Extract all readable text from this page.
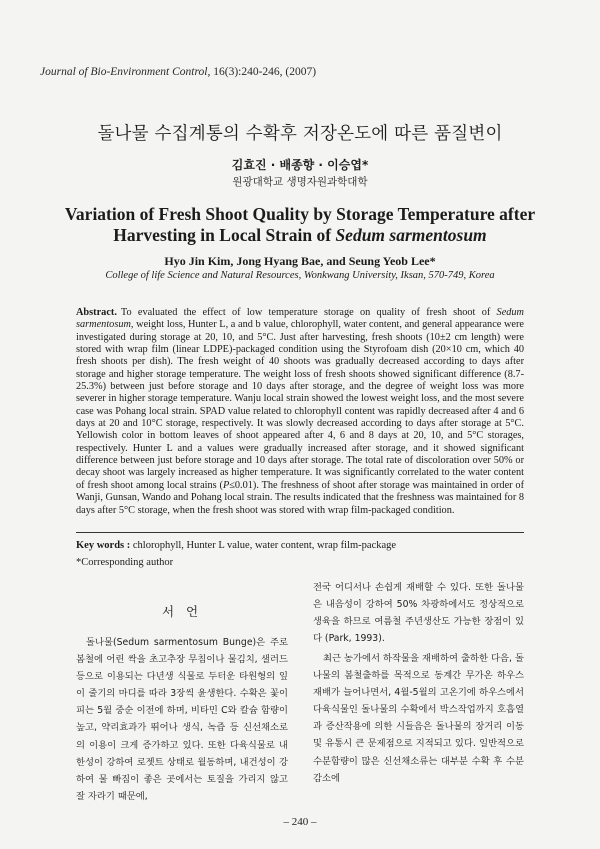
Journal of Bio-Environment Control, 16(3):240-246, (2007)
돌나물 수집계통의 수확후 저장온도에 따른 품질변이
김효진 · 배종향 · 이승엽*
원광대학교 생명자원과학대학
Variation of Fresh Shoot Quality by Storage Temperature after
Harvesting in Local Strain of Sedum sarmentosum
Hyo Jin Kim, Jong Hyang Bae, and Seung Yeob Lee*
College of life Science and Natural Resources, Wonkwang University, Iksan, 570-749, Korea

Abstract. To evaluated the effect of low temperature storage on quality of fresh shoot of Sedum sarmentosum, weight loss, Hunter L, a and b value, chlorophyll, water content, and general appearance were investigated during storage at 20, 10, and 5°C. Just after harvesting, fresh shoots (10±2 cm length) were stored with wrap film (linear LDPE)-packaged condition using the Styrofoam dish (20×10 cm, which 40 fresh shoots per dish). The fresh weight of 40 shoots was gradually decreased according to days after storage and higher storage temperature. The weight loss of fresh shoots showed significant difference (8.7-25.3%) between just before storage and 10 days after storage, and the degree of weight loss was more severer in higher storage temperature. Wanju local strain showed the lowest weight loss, and the most severe case was Pohang local strain. SPAD value related to chlorophyll content was rapidly decreased after 4 and 6 days at 20 and 10°C storage, respectively. It was slowly decreased according to days after storage at 5°C. Yellowish color in bottom leaves of shoot appeared after 4, 6 and 8 days at 20, 10, and 5°C storages, respectively. Hunter L and a values were gradually increased after storage, and it showed significant difference between just before storage and 10 days after storage. The total rate of discoloration over 50% or decay shoot was largely increased as higher temperature. It was significantly correlated to the water content of fresh shoot among local strains (P≤0.01). The freshness of shoot after storage was maintained in order of Wanji, Gunsan, Wando and Pohang local strain. The results indicated that the freshness was maintained for 8 days after 5°C storage, when the fresh shoot was stored with wrap film-packaged condition.

Key words : chlorophyll, Hunter L value, water content, wrap film-package
*Corresponding author
서 언

돌나물(Sedum sarmentosum Bunge)은 주로 봄철에 어린 싹을 초고추장 무침이나 물김치, 샐러드 등으로 이용되는 다년생 식물로 두터운 타원형의 잎이 줄기의 마디를 따라 3장씩 윤생한다. 수확은 꽃이 피는 5월 중순 이전에 하며, 비타민 C와 칼슘 함량이 높고, 약리효과가 뛰어나 생식, 녹즙 등 신선채소로의 이용이 크게 증가하고 있다. 또한 다육식물로 내한성이 강하여 로젯트 상태로 월동하며, 내건성이 강하여 물 빠짐이 좋은 곳에서는 토질을 가리지 않고 잘 자라기 때문에,

전국 어디서나 손쉽게 재배할 수 있다. 또한 돌나물은 내음성이 강하여 50% 차광하에서도 정상적으로 생육을 하므로 여름철 주년생산도 가능한 장점이 있다 (Park, 1993).

최근 농가에서 하작물을 재배하여 출하한 다음, 돌나물의 봄철출하를 목적으로 동계간 무가온 하우스 재배가 늘어나면서, 4월-5월의 고온기에 하우스에서 다육식물인 돌나물의 수확에서 박스작업까지 호흡열과 증산작용에 의한 시들음은 돌나물의 장거리 이동 및 유통시 큰 문제점으로 지적되고 있다. 일반적으로 수분함량이 많은 신선채소류는 대부분 수확 후 수분감소에

– 240 –
